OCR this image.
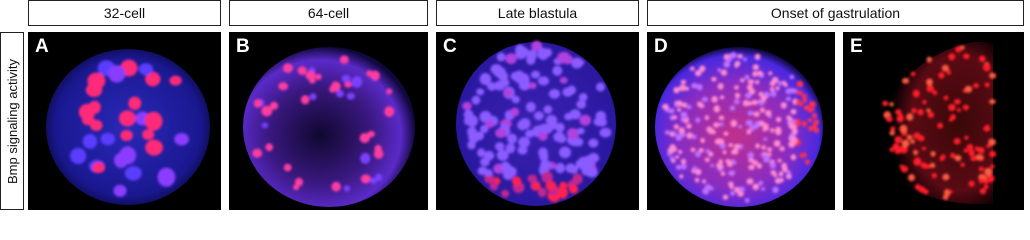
32-cell	64-cell	Late blastula	Onset of gastrulation
Bmp signaling activity
A	B	C	D	E
